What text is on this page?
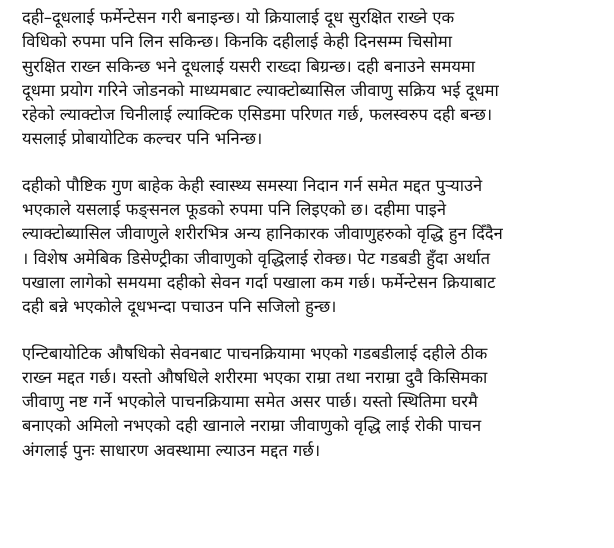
दही–दूधलाई फर्मेन्टेसन गरी बनाइन्छ। यो क्रियालाई दूध सुरक्षित राख्ने एक
विधिको रुपमा पनि लिन सकिन्छ। किनकि दहीलाई केही दिनसम्म चिसोमा
सुरक्षित राख्न सकिन्छ भने दूधलाई यसरी राख्दा बिग्रन्छ। दही बनाउने समयमा
दूधमा प्रयोग गरिने जोडनको माध्यमबाट ल्याक्टोब्यासिल जीवाणु सक्रिय भई दूधमा
रहेको ल्याक्टोज चिनीलाई ल्याक्टिक एसिडमा परिणत गर्छ, फलस्वरुप दही बन्छ।
यसलाई प्रोबायोटिक कल्चर पनि भनिन्छ।

दहीको पौष्टिक गुण बाहेक केही स्वास्थ्य समस्या निदान गर्न समेत मद्दत पुर्‍याउने
भएकाले यसलाई फङ्सनल फूडको रुपमा पनि लिइएको छ। दहीमा पाइने
ल्याक्टोब्यासिल जीवाणुले शरीरभित्र अन्य हानिकारक जीवाणुहरुको वृद्धि हुन दिँदैन
। विशेष अमेबिक डिसेण्ट्रीका जीवाणुको वृद्धिलाई रोक्छ। पेट गडबडी हुँदा अर्थात
पखाला लागेको समयमा दहीको सेवन गर्दा पखाला कम गर्छ। फर्मेन्टेसन क्रियाबाट
दही बन्ने भएकोले दूधभन्दा पचाउन पनि सजिलो हुन्छ।

एन्टिबायोटिक औषधिको सेवनबाट पाचनक्रियामा भएको गडबडीलाई दहीले ठीक
राख्न मद्दत गर्छ। यस्तो औषधिले शरीरमा भएका राम्रा तथा नराम्रा दुवै किसिमका
जीवाणु नष्ट गर्ने भएकोले पाचनक्रियामा समेत असर पार्छ। यस्तो स्थितिमा घरमै
बनाएको अमिलो नभएको दही खानाले नराम्रा जीवाणुको वृद्धि लाई रोकी पाचन
अंगलाई पुनः साधारण अवस्थामा ल्याउन मद्दत गर्छ।
